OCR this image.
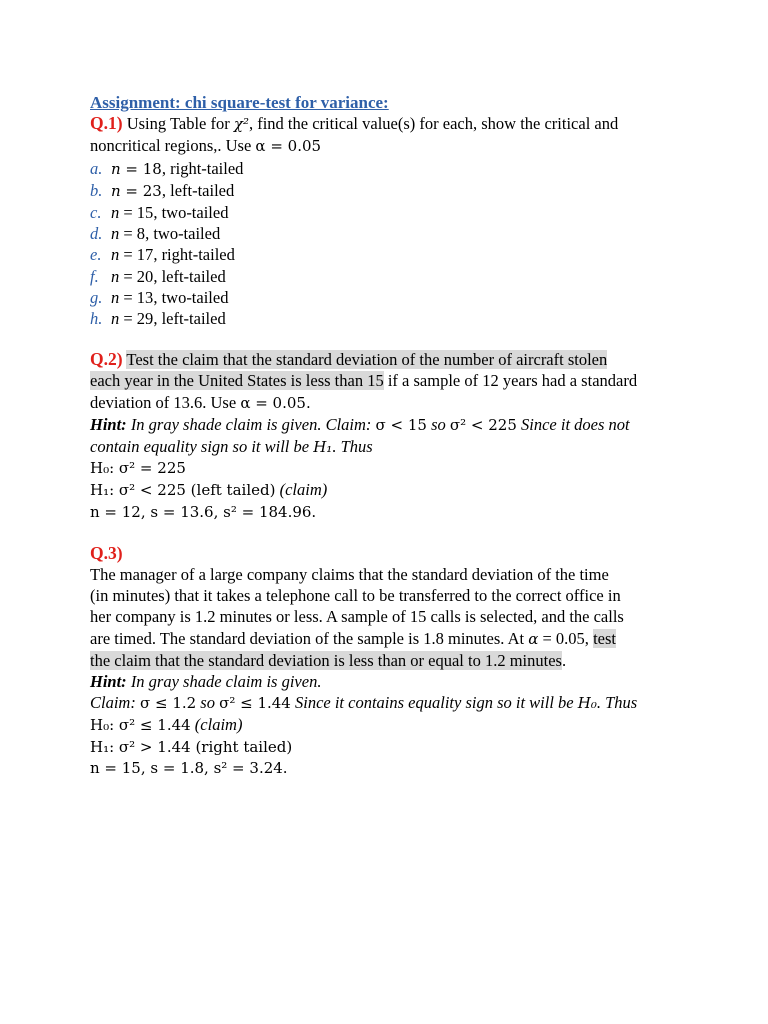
Assignment: chi square-test for variance:
Q.1) Using Table for χ², find the critical value(s) for each, show the critical and
noncritical regions,. Use α = 0.05
a. n = 18, right-tailed
b. n = 23, left-tailed
c. n = 15, two-tailed
d. n = 8, two-tailed
e. n = 17, right-tailed
f. n = 20, left-tailed
g. n = 13, two-tailed
h. n = 29, left-tailed
Q.2) Test the claim that the standard deviation of the number of aircraft stolen
each year in the United States is less than 15 if a sample of 12 years had a standard
deviation of 13.6. Use α = 0.05.
Hint: In gray shade claim is given. Claim: σ < 15 so σ² < 225 Since it does not
contain equality sign so it will be H₁. Thus
H₀: σ² = 225
H₁: σ² < 225 (left tailed) (claim)
n = 12, s = 13.6, s² = 184.96.
Q.3)
The manager of a large company claims that the standard deviation of the time
(in minutes) that it takes a telephone call to be transferred to the correct office in
her company is 1.2 minutes or less. A sample of 15 calls is selected, and the calls
are timed. The standard deviation of the sample is 1.8 minutes. At α = 0.05, test
the claim that the standard deviation is less than or equal to 1.2 minutes.
Hint: In gray shade claim is given.
Claim: σ ≤ 1.2 so σ² ≤ 1.44 Since it contains equality sign so it will be H₀. Thus
H₀: σ² ≤ 1.44 (claim)
H₁: σ² > 1.44 (right tailed)
n = 15, s = 1.8, s² = 3.24.
